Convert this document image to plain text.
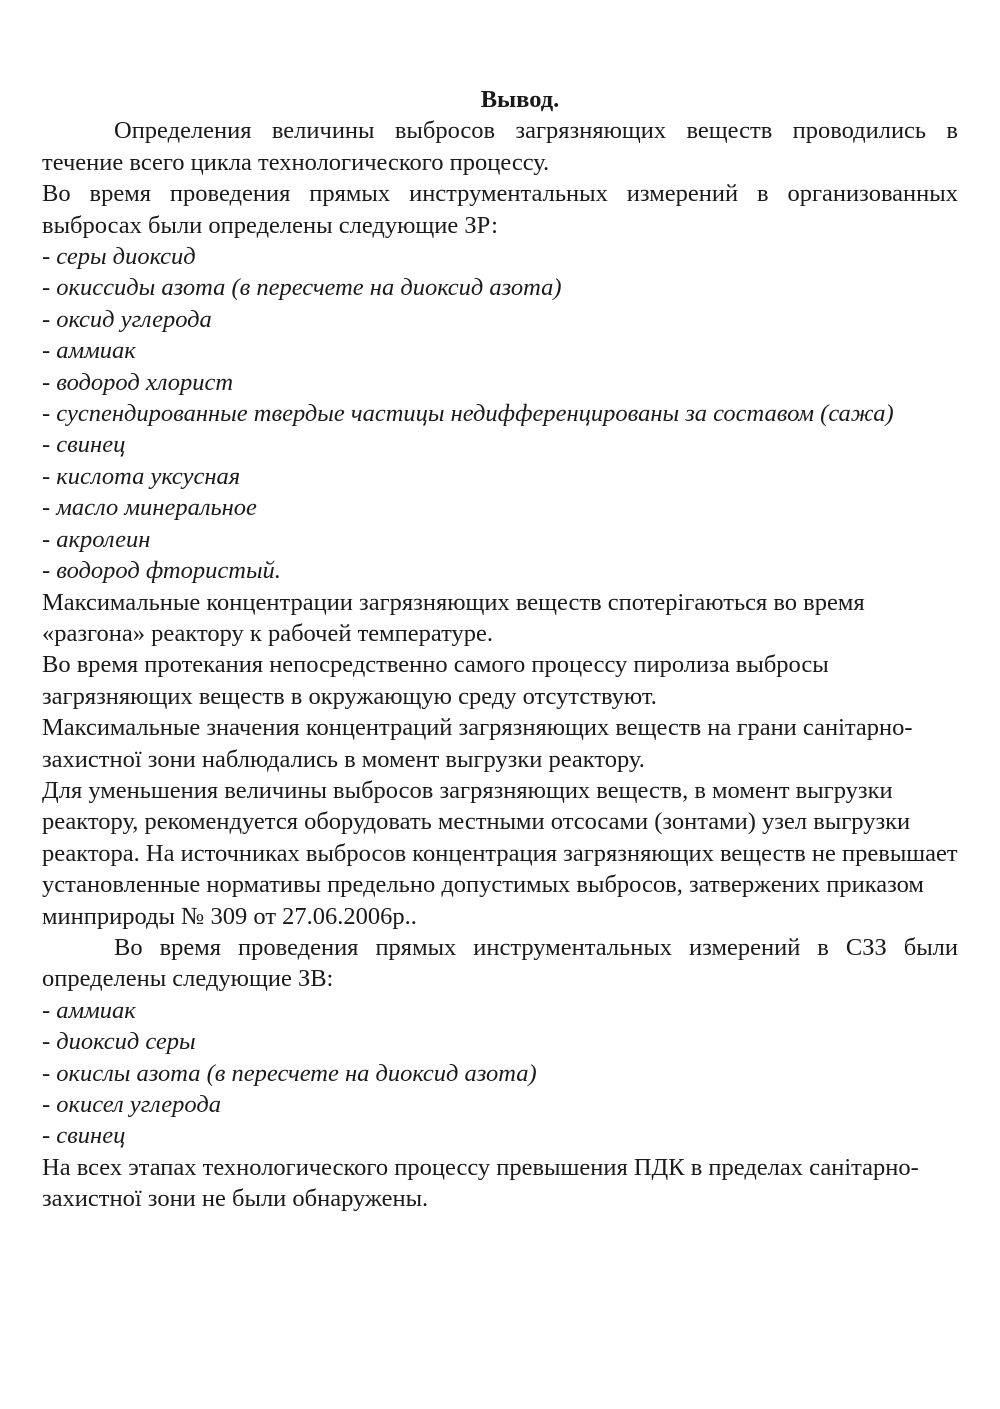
Вывод.

Определения величины выбросов загрязняющих веществ проводились в течение всего цикла технологического процессу.

Во время проведения прямых инструментальных измерений в организованных выбросах были определены следующие ЗР:

- серы диоксид
- окиссиды азота (в пересчете на диоксид азота)
- оксид углерода
- аммиак
- водород хлорист
- суспендированные твердые частицы недифференцированы за составом (сажа)
- свинец
- кислота уксусная
- масло минеральное
- акролеин
- водород фтористый.

Максимальные концентрации загрязняющих веществ спотерігаються во время «разгона» реактору к рабочей температуре.

Во время протекания непосредственно самого процессу пиролиза выбросы загрязняющих веществ в окружающую среду отсутствуют.

Максимальные значения концентраций загрязняющих веществ на грани санітарно-захистної зони наблюдались в момент выгрузки реактору.

Для уменьшения величины выбросов загрязняющих веществ, в момент выгрузки реактору, рекомендуется оборудовать местными отсосами (зонтами) узел выгрузки реактора. На источниках выбросов концентрация загрязняющих веществ не превышает установленные нормативы предельно допустимых выбросов, затвержених приказом минприроды № 309 от 27.06.2006р..

Во время проведения прямых инструментальных измерений в СЗЗ были определены следующие ЗВ:

- аммиак
- диоксид серы
- окислы азота (в пересчете на диоксид азота)
- окисел углерода
- свинец

На всех этапах технологического процессу превышения ПДК в пределах санітарно-захистної зони не были обнаружены.
